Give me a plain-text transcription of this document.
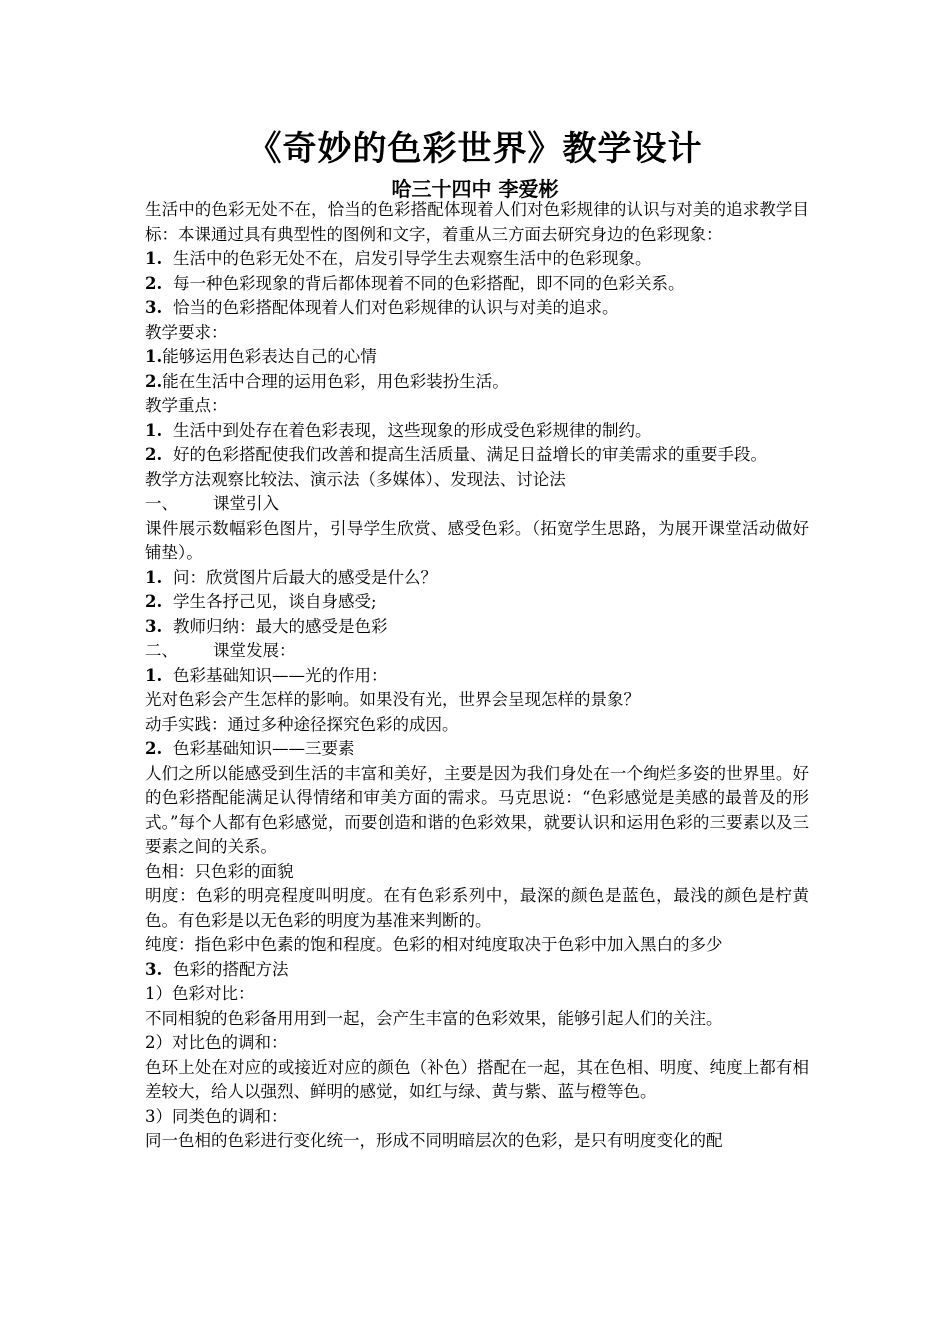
《奇妙的色彩世界》教学设计
哈三十四中 李爱彬

生活中的色彩无处不在，恰当的色彩搭配体现着人们对色彩规律的认识与对美的追求教学目标：本课通过具有典型性的图例和文字，着重从三方面去研究身边的色彩现象：

1. 生活中的色彩无处不在，启发引导学生去观察生活中的色彩现象。

2. 每一种色彩现象的背后都体现着不同的色彩搭配，即不同的色彩关系。

3. 恰当的色彩搭配体现着人们对色彩规律的认识与对美的追求。

教学要求：

1.能够运用色彩表达自己的心情

2.能在生活中合理的运用色彩，用色彩装扮生活。

教学重点：

1. 生活中到处存在着色彩表现，这些现象的形成受色彩规律的制约。

2. 好的色彩搭配使我们改善和提高生活质量、满足日益增长的审美需求的重要手段。

教学方法观察比较法、演示法（多媒体）、发现法、讨论法

一、 课堂引入

课件展示数幅彩色图片，引导学生欣赏、感受色彩。（拓宽学生思路，为展开课堂活动做好铺垫）。

1. 问：欣赏图片后最大的感受是什么？

2. 学生各抒己见，谈自身感受;

3. 教师归纳：最大的感受是色彩

二、 课堂发展：

1. 色彩基础知识——光的作用：

光对色彩会产生怎样的影响。如果没有光，世界会呈现怎样的景象？

动手实践：通过多种途径探究色彩的成因。

2. 色彩基础知识——三要素

人们之所以能感受到生活的丰富和美好，主要是因为我们身处在一个绚烂多姿的世界里。好的色彩搭配能满足认得情绪和审美方面的需求。马克思说：“色彩感觉是美感的最普及的形式。”每个人都有色彩感觉，而要创造和谐的色彩效果，就要认识和运用色彩的三要素以及三要素之间的关系。

色相：只色彩的面貌

明度：色彩的明亮程度叫明度。在有色彩系列中，最深的颜色是蓝色，最浅的颜色是柠黄色。有色彩是以无色彩的明度为基准来判断的。

纯度：指色彩中色素的饱和程度。色彩的相对纯度取决于色彩中加入黑白的多少

3. 色彩的搭配方法

1）色彩对比：

不同相貌的色彩备用用到一起，会产生丰富的色彩效果，能够引起人们的关注。

2）对比色的调和：

色环上处在对应的或接近对应的颜色（补色）搭配在一起，其在色相、明度、纯度上都有相差较大，给人以强烈、鲜明的感觉，如红与绿、黄与紫、蓝与橙等色。

3）同类色的调和：

同一色相的色彩进行变化统一，形成不同明暗层次的色彩，是只有明度变化的配
